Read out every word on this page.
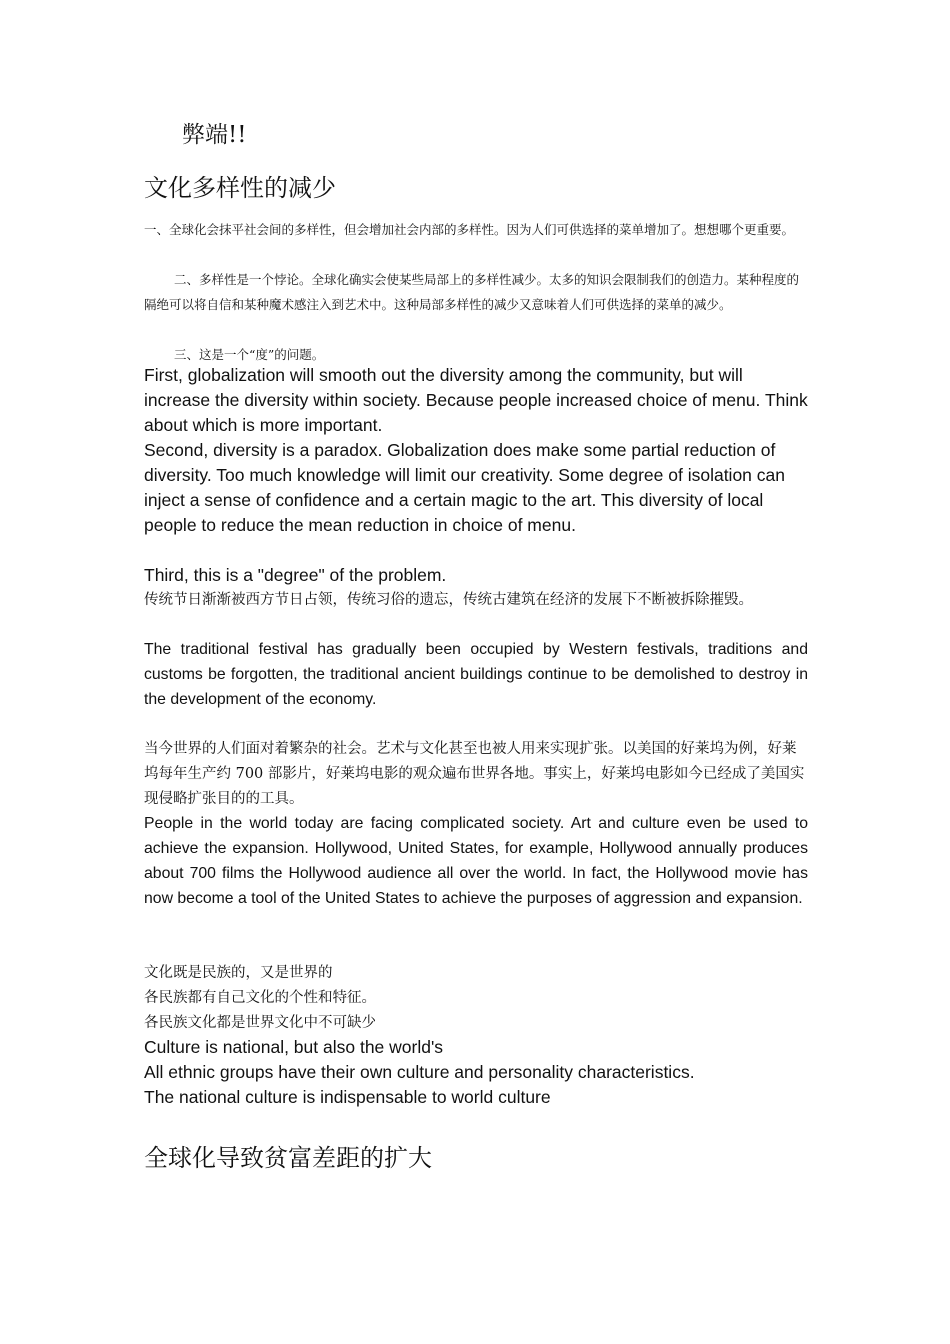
弊端!!
文化多样性的减少

一、全球化会抹平社会间的多样性，但会增加社会内部的多样性。因为人们可供选择的菜单增加了。想想哪个更重要。

二、多样性是一个悖论。全球化确实会使某些局部上的多样性减少。太多的知识会限制我们的创造力。某种程度的隔绝可以将自信和某种魔术感注入到艺术中。这种局部多样性的减少又意味着人们可供选择的菜单的减少。

三、这是一个“度”的问题。

First, globalization will smooth out the diversity among the community, but will increase the diversity within society. Because people increased choice of menu. Think about which is more important.

Second, diversity is a paradox. Globalization does make some partial reduction of diversity. Too much knowledge will limit our creativity. Some degree of isolation can inject a sense of confidence and a certain magic to the art. This diversity of local people to reduce the mean reduction in choice of menu.

Third, this is a "degree" of the problem.

传统节日渐渐被西方节日占领，传统习俗的遗忘，传统古建筑在经济的发展下不断被拆除摧毁。

The traditional festival has gradually been occupied by Western festivals, traditions and customs be forgotten, the traditional ancient buildings continue to be demolished to destroy in the development of the economy.

当今世界的人们面对着繁杂的社会。艺术与文化甚至也被人用来实现扩张。以美国的好莱坞为例，好莱坞每年生产约 700 部影片，好莱坞电影的观众遍布世界各地。事实上，好莱坞电影如今已经成了美国实现侵略扩张目的的工具。

People in the world today are facing complicated society. Art and culture even be used to achieve the expansion. Hollywood, United States, for example, Hollywood annually produces about 700 films the Hollywood audience all over the world. In fact, the Hollywood movie has now become a tool of the United States to achieve the purposes of aggression and expansion.

文化既是民族的，又是世界的
各民族都有自己文化的个性和特征。
各民族文化都是世界文化中不可缺少
Culture is national, but also the world's
All ethnic groups have their own culture and personality characteristics.
The national culture is indispensable to world culture
全球化导致贫富差距的扩大
